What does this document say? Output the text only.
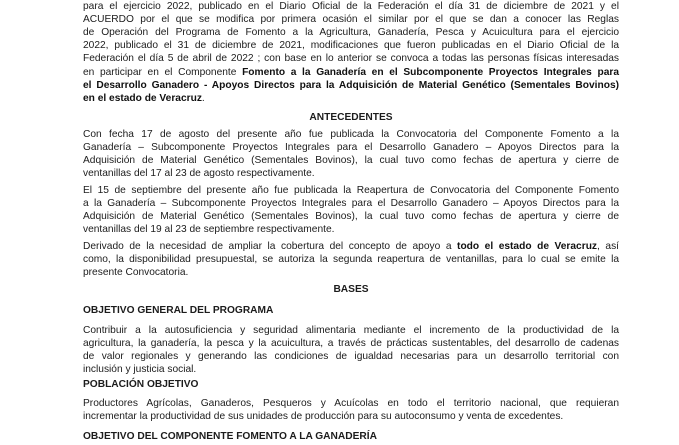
ANTECEDENTES
BASES
OBJETIVO GENERAL DEL PROGRAMA
POBLACIÓN OBJETIVO
OBJETIVO DEL COMPONENTE FOMENTO A LA GANADERÍA
para el ejercicio 2022, publicado en el Diario Oficial de la Federación el día 31 de diciembre de 2021 y el
ACUERDO por el que se modifica por primera ocasión el similar por el que se dan a conocer las Reglas
de Operación del Programa de Fomento a la Agricultura, Ganadería, Pesca y Acuicultura para el ejercicio
2022, publicado el 31 de diciembre de 2021, modificaciones que fueron publicadas en el Diario Oficial de la
Federación el día 5 de abril de 2022 ; con base en lo anterior se convoca a todas las personas físicas interesadas
en participar en el Componente Fomento a la Ganadería en el Subcomponente Proyectos Integrales para
el Desarrollo Ganadero - Apoyos Directos para la Adquisición de Material Genético (Sementales Bovinos)
en el estado de Veracruz.
Con fecha 17 de agosto del presente año fue publicada la Convocatoria del Componente Fomento a la
Ganadería – Subcomponente Proyectos Integrales para el Desarrollo Ganadero – Apoyos Directos para la
Adquisición de Material Genético (Sementales Bovinos), la cual tuvo como fechas de apertura y cierre de
ventanillas del 17 al 23 de agosto respectivamente.
El 15 de septiembre del presente año fue publicada la Reapertura de Convocatoria del Componente Fomento
a la Ganadería – Subcomponente Proyectos Integrales para el Desarrollo Ganadero – Apoyos Directos para la
Adquisición de Material Genético (Sementales Bovinos), la cual tuvo como fechas de apertura y cierre de
ventanillas del 19 al 23 de septiembre respectivamente.
Derivado de la necesidad de ampliar la cobertura del concepto de apoyo a todo el estado de Veracruz, así
como, la disponibilidad presupuestal, se autoriza la segunda reapertura de ventanillas, para lo cual se emite la
presente Convocatoria.
Contribuir a la autosuficiencia y seguridad alimentaria mediante el incremento de la productividad de la
agricultura, la ganadería, la pesca y la acuicultura, a través de prácticas sustentables, del desarrollo de cadenas
de valor regionales y generando las condiciones de igualdad necesarias para un desarrollo territorial con
inclusión y justicia social.
Productores Agrícolas, Ganaderos, Pesqueros y Acuícolas en todo el territorio nacional, que requieran
incrementar la productividad de sus unidades de producción para su autoconsumo y venta de excedentes.
